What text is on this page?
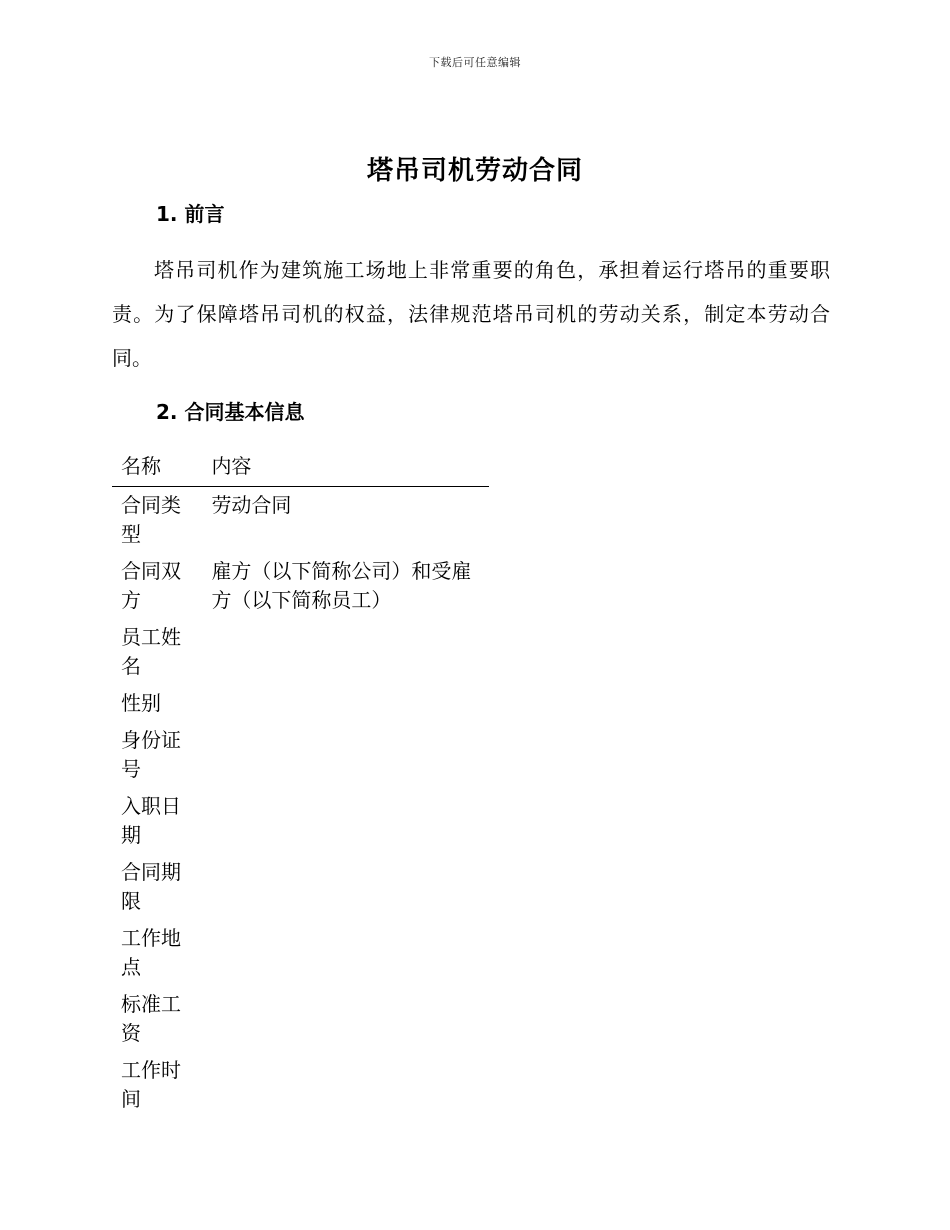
下载后可任意编辑
塔吊司机劳动合同
1. 前言

塔吊司机作为建筑施工场地上非常重要的角色，承担着运行塔吊的重要职责。为了保障塔吊司机的权益，法律规范塔吊司机的劳动关系，制定本劳动合同。

2. 合同基本信息
名称	内容

合同类型	劳动合同

合同双方	雇方（以下简称公司）和受雇方（以下简称员工）

员工姓名	

性别	

身份证号	

入职日期	

合同期限	

工作地点	

标准工资	

工作时间	
